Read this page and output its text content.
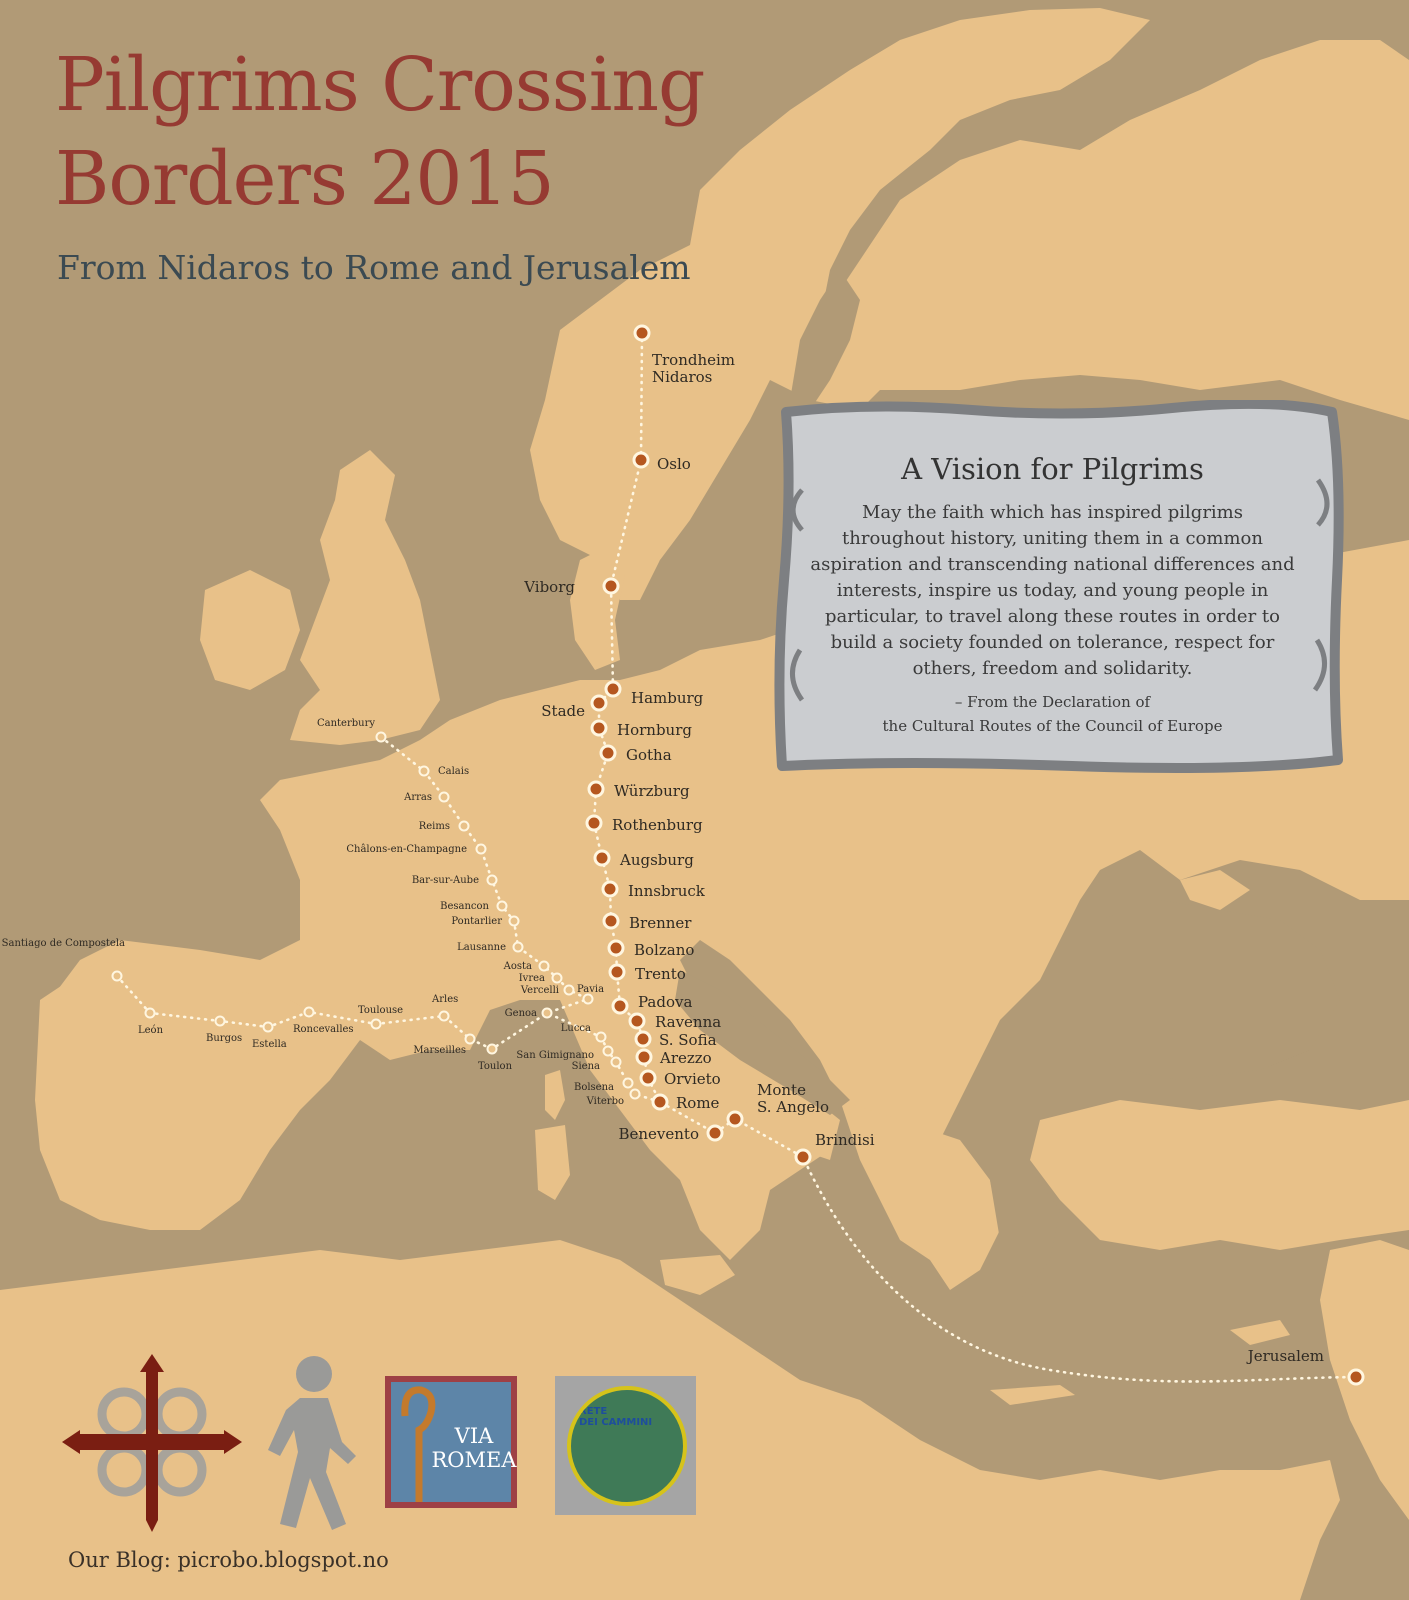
Trondheim Nidaros
Oslo
Viborg
Stade
Hamburg
Hornburg
Gotha
Würzburg
Rothenburg
Augsburg
Innsbruck
Brenner
Bolzano
Trento
Padova
Ravenna
S. Sofia
Arezzo
Orvieto
Rome
Benevento
Monte S. Angelo
Brindisi
Jerusalem
Canterbury
Calais
Arras
Reims
Châlons-en-Champagne
Bar-sur-Aube
Besancon
Pontarlier
Lausanne
Aosta
Ivrea
Vercelli Pavia
Genoa
Lucca
San Gimignano
Siena
Bolsena
Viterbo
Santiago de Compostela
León
Burgos
Estella
Roncevalles
Toulouse
Arles
Marseilles
Toulon
Pilgrims Crossing
Borders 2015
From Nidaros to Rome and Jerusalem
A Vision for Pilgrims

May the faith which has inspired pilgrims throughout history, uniting them in a common aspiration and transcending national differences and interests, inspire us today, and young people in particular, to travel along these routes in order to build a society founded on tolerance, respect for others, freedom and solidarity.

– From the Declaration of
the Cultural Routes of the Council of Europe

VIA
ROMEA
RETE
DEI CAMMINI
Our Blog: picrobo.blogspot.no
